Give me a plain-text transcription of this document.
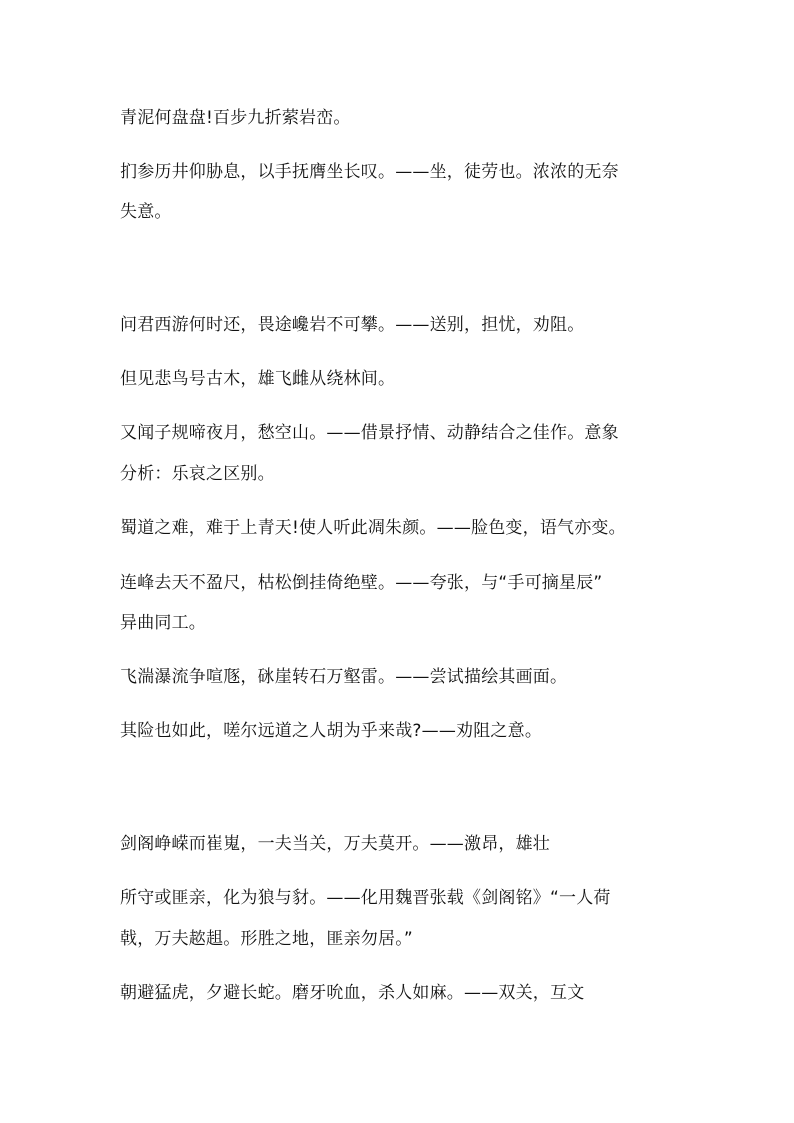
青泥何盘盘!百步九折萦岩峦。
扪参历井仰胁息，以手抚膺坐长叹。——坐，徒劳也。浓浓的无奈
失意。
问君西游何时还，畏途巉岩不可攀。——送别，担忧，劝阻。
但见悲鸟号古木，雄飞雌从绕林间。
又闻子规啼夜月，愁空山。——借景抒情、动静结合之佳作。意象
分析：乐哀之区别。
蜀道之难，难于上青天!使人听此凋朱颜。——脸色变，语气亦变。
连峰去天不盈尺，枯松倒挂倚绝壁。——夸张，与“手可摘星辰”
异曲同工。
飞湍瀑流争喧豗，砯崖转石万壑雷。——尝试描绘其画面。
其险也如此，嗟尔远道之人胡为乎来哉?——劝阻之意。
剑阁峥嵘而崔嵬，一夫当关，万夫莫开。——激昂，雄壮
所守或匪亲，化为狼与豺。——化用魏晋张载《剑阁铭》“一人荷
戟，万夫趑趄。形胜之地，匪亲勿居。”
朝避猛虎，夕避长蛇。磨牙吮血，杀人如麻。——双关，互文
